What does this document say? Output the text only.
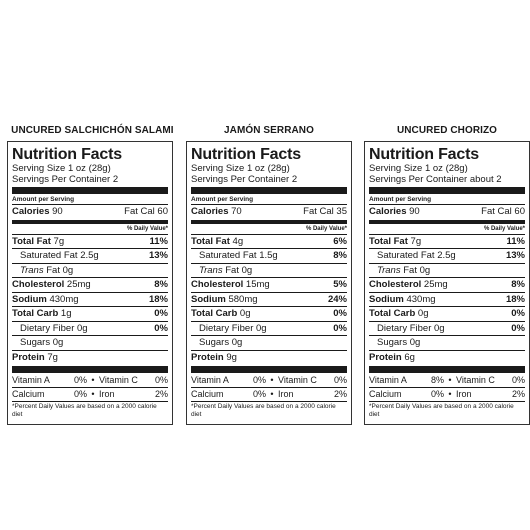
UNCURED SALCHICHÓN SALAMI
Nutrition Facts
Serving Size 1 oz (28g)
Servings Per Container 2
Amount per Serving
Calories 90	Fat Cal 60
% Daily Value*
Total Fat 7g	11%
Saturated Fat 2.5g	13%
Trans Fat 0g
Cholesterol 25mg	8%
Sodium 430mg	18%
Total Carb 1g	0%
Dietary Fiber 0g	0%
Sugars 0g
Protein 7g
Vitamin A	0% • Vitamin C 0%
Calcium	0% • Iron	2%
*Percent Daily Values are based on a 2000 calorie diet
JAMÓN SERRANO
Nutrition Facts
Serving Size 1 oz (28g)
Servings Per Container 2
Amount per Serving
Calories 70	Fat Cal 35
% Daily Value*
Total Fat 4g	6%
Saturated Fat 1.5g	8%
Trans Fat 0g
Cholesterol 15mg	5%
Sodium 580mg	24%
Total Carb 0g	0%
Dietary Fiber 0g	0%
Sugars 0g
Protein 9g
Vitamin A	0% • Vitamin C 0%
Calcium	0% • Iron	2%
*Percent Daily Values are based on a 2000 calorie diet
UNCURED CHORIZO
Nutrition Facts
Serving Size 1 oz (28g)
Servings Per Container about 2
Amount per Serving
Calories 90	Fat Cal 60
% Daily Value*
Total Fat 7g	11%
Saturated Fat 2.5g	13%
Trans Fat 0g
Cholesterol 25mg	8%
Sodium 430mg	18%
Total Carb 0g	0%
Dietary Fiber 0g	0%
Sugars 0g
Protein 6g
Vitamin A	8% • Vitamin C 0%
Calcium	0% • Iron	2%
*Percent Daily Values are based on a 2000 calorie diet
